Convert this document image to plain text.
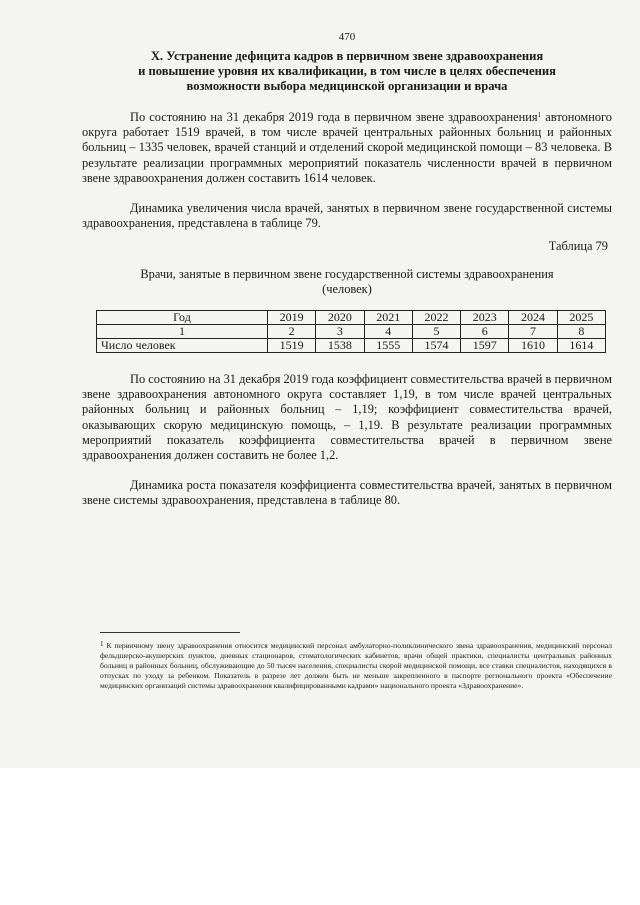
470
X. Устранение дефицита кадров в первичном звене здравоохранения
и повышение уровня их квалификации, в том числе в целях обеспечения
возможности выбора медицинской организации и врача
По состоянию на 31 декабря 2019 года в первичном звене здравоохранения$^1$ автономного округа работает 1519 врачей, в том числе врачей центральных районных больниц и районных больниц – 1335 человек, врачей станций и отделений скорой медицинской помощи – 83 человека. В результате реализации программных мероприятий показатель численности врачей в первичном звене здравоохранения должен составить 1614 человек.
Динамика увеличения числа врачей, занятых в первичном звене государственной системы здравоохранения, представлена в таблице 79.
Таблица 79
Врачи, занятые в первичном звене государственной системы здравоохранения
(человек)
Год	2019	2020	2021	2022	2023	2024	2025
1	2	3	4	5	6	7	8
Число человек	1519	1538	1555	1574	1597	1610	1614
По состоянию на 31 декабря 2019 года коэффициент совместительства врачей в первичном звене здравоохранения автономного округа составляет 1,19, в том числе врачей центральных районных больниц и районных больниц – 1,19; коэффициент совместительства врачей, оказывающих скорую медицинскую помощь, – 1,19. В результате реализации программных мероприятий показатель коэффициента совместительства врачей в первичном звене здравоохранения должен составить не более 1,2.
Динамика роста показателя коэффициента совместительства врачей, занятых в первичном звене системы здравоохранения, представлена в таблице 80.
$^1$ К первичному звену здравоохранения относится медицинский персонал амбулаторно-поликлинического звена здравоохранения, медицинский персонал фельдшерско-акушерских пунктов, дневных стационаров, стоматологических кабинетов, врачи общей практики, специалисты центральных районных больниц и районных больниц, обслуживающие до 50 тысяч населения, специалисты скорой медицинской помощи, все ставки специалистов, находящихся в отпусках по уходу за ребенком. Показатель в разрезе лет должен быть не меньше закрепленного в паспорте регионального проекта «Обеспечение медицинских организаций системы здравоохранения квалифицированными кадрами» национального проекта «Здравоохранение».
